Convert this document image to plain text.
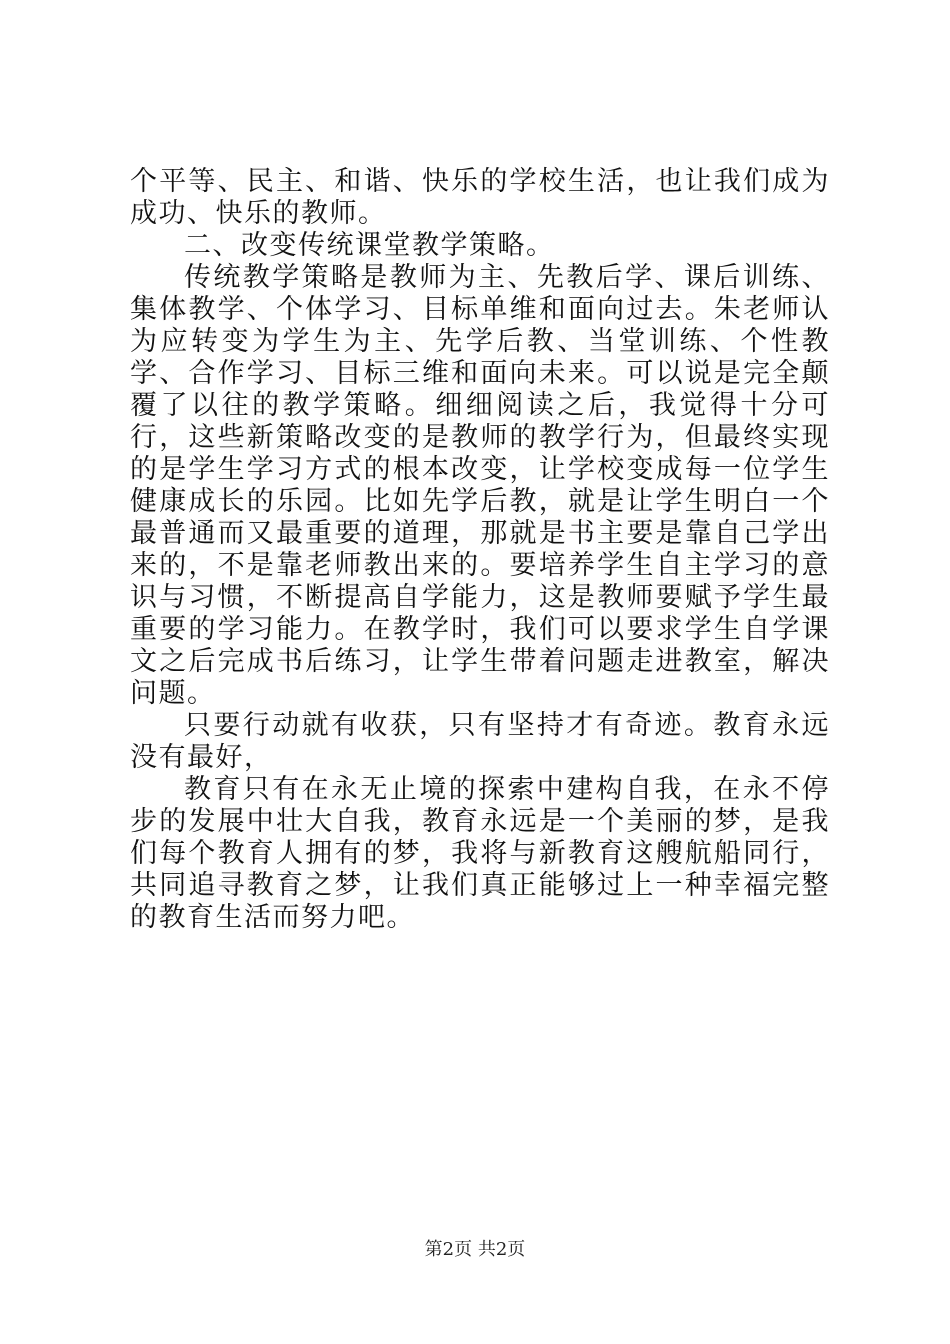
个平等、民主、和谐、快乐的学校生活，也让我们成为成功、快乐的教师。

二、改变传统课堂教学策略。

传统教学策略是教师为主、先教后学、课后训练、集体教学、个体学习、目标单维和面向过去。朱老师认为应转变为学生为主、先学后教、当堂训练、个性教学、合作学习、目标三维和面向未来。可以说是完全颠覆了以往的教学策略。细细阅读之后，我觉得十分可行，这些新策略改变的是教师的教学行为，但最终实现的是学生学习方式的根本改变，让学校变成每一位学生健康成长的乐园。比如先学后教，就是让学生明白一个最普通而又最重要的道理，那就是书主要是靠自己学出来的，不是靠老师教出来的。要培养学生自主学习的意识与习惯，不断提高自学能力，这是教师要赋予学生最重要的学习能力。在教学时，我们可以要求学生自学课文之后完成书后练习，让学生带着问题走进教室，解决问题。

只要行动就有收获，只有坚持才有奇迹。教育永远没有最好，

教育只有在永无止境的探索中建构自我，在永不停步的发展中壮大自我，教育永远是一个美丽的梦，是我们每个教育人拥有的梦，我将与新教育这艘航船同行，共同追寻教育之梦，让我们真正能够过上一种幸福完整的教育生活而努力吧。

第2页 共2页
